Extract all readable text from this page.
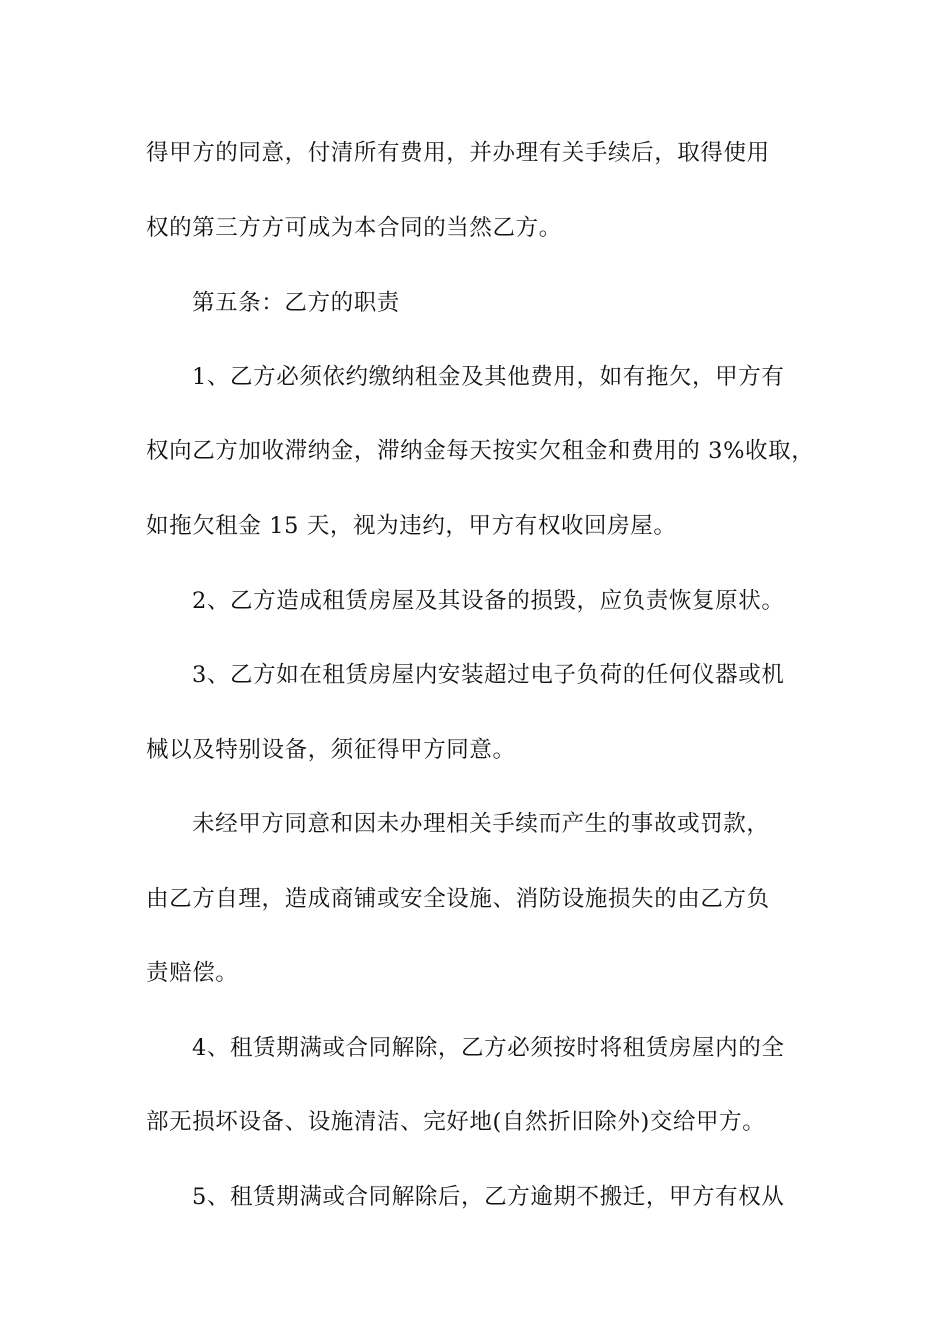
得甲方的同意，付清所有费用，并办理有关手续后，取得使用
权的第三方方可成为本合同的当然乙方。
第五条：乙方的职责
1、乙方必须依约缴纳租金及其他费用，如有拖欠，甲方有
权向乙方加收滞纳金，滞纳金每天按实欠租金和费用的 3%收取，
如拖欠租金 15 天，视为违约，甲方有权收回房屋。
2、乙方造成租赁房屋及其设备的损毁，应负责恢复原状。
3、乙方如在租赁房屋内安装超过电子负荷的任何仪器或机
械以及特别设备，须征得甲方同意。
未经甲方同意和因未办理相关手续而产生的事故或罚款，
由乙方自理，造成商铺或安全设施、消防设施损失的由乙方负
责赔偿。
4、租赁期满或合同解除，乙方必须按时将租赁房屋内的全
部无损坏设备、设施清洁、完好地(自然折旧除外)交给甲方。
5、租赁期满或合同解除后，乙方逾期不搬迁，甲方有权从
